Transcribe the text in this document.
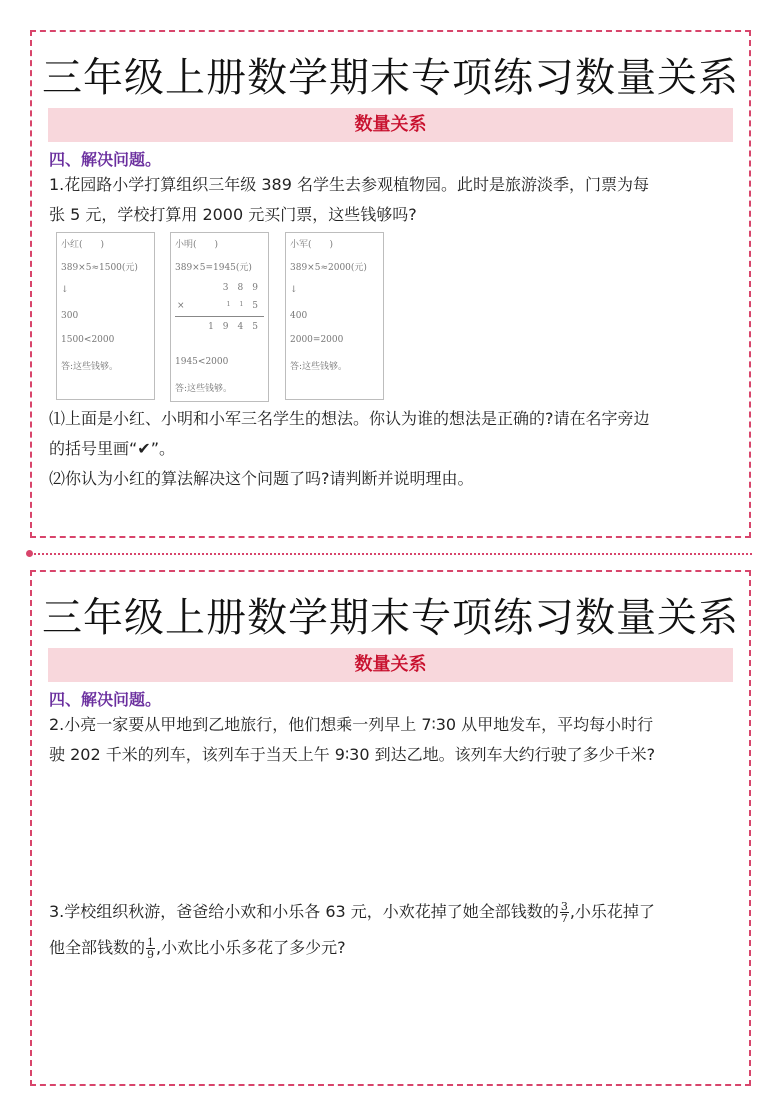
三年级上册数学期末专项练习数量关系
数量关系
四、解决问题。
1.花园路小学打算组织三年级 389 名学生去参观植物园。此时是旅游淡季，门票为每
张 5 元，学校打算用 2000 元买门票，这些钱够吗?
小红(　　)
389×5≈1500(元)
↓
300
1500<2000
答:这些钱够。
小明(　　)
389×5=1945(元)
3 8 9
×	1 1 5
1 9 4 5
1945<2000
答:这些钱够。
小军(　　)
389×5≈2000(元)
↓
400
2000=2000
答:这些钱够。
⑴上面是小红、小明和小军三名学生的想法。你认为谁的想法是正确的?请在名字旁边
的括号里画“✔”。
⑵你认为小红的算法解决这个问题了吗?请判断并说明理由。
三年级上册数学期末专项练习数量关系
数量关系
四、解决问题。
2.小亮一家要从甲地到乙地旅行，他们想乘一列早上 7∶30 从甲地发车，平均每小时行
驶 202 千米的列车，该列车于当天上午 9∶30 到达乙地。该列车大约行驶了多少千米?
3.学校组织秋游，爸爸给小欢和小乐各 63 元，小欢花掉了她全部钱数的 $\frac{3}{7}$ ,小乐花掉了
他全部钱数的 $\frac{1}{9}$ ,小欢比小乐多花了多少元?
